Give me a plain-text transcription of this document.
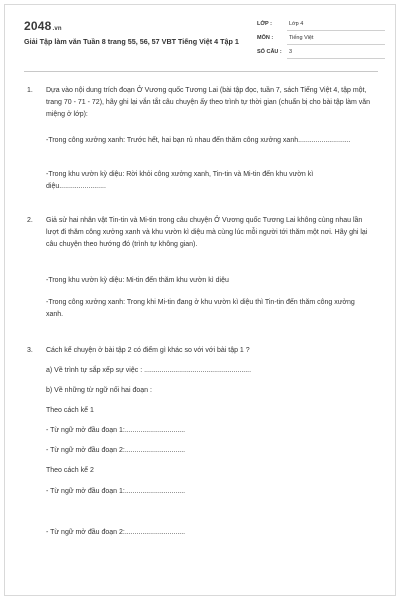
2048.vn
Giải Tập làm văn Tuần 8 trang 55, 56, 57 VBT Tiếng Việt 4 Tập 1
LỚP :	Lớp 4
MÔN :	Tiếng Việt
SỐ CÂU : 3
1. Dựa vào nội dung trích đoạn Ở Vương quốc Tương Lai (bài tập đọc, tuần 7, sách Tiếng Việt 4, tập một, trang 70 - 71 - 72), hãy ghi lại vắn tắt câu chuyện ấy theo trình tự thời gian (chuẩn bị cho bài tập làm văn miệng ở lớp):
-Trong công xưởng xanh: Trước hết, hai bạn rủ nhau đến thăm công xưởng xanh...........................
-Trong khu vườn kỳ diệu: Rời khỏi công xưởng xanh, Tin-tin và Mi-tin đến khu vườn kì diệu........................
2. Giả sử hai nhân vật Tin-tin và Mi-tin trong câu chuyện Ở Vương quốc Tương Lai không cùng nhau lần lượt đi thăm công xưởng xanh và khu vườn kì diệu mà cùng lúc mỗi người tới thăm một nơi. Hãy ghi lại câu chuyện theo hướng đó (trình tự không gian).
-Trong khu vườn kỳ diệu: Mi-tin đến thăm khu vườn kì diệu
-Trong công xưởng xanh: Trong khi Mi-tin đang ở khu vườn kì diệu thì Tin-tin đến thăm công xưởng xanh.
3. Cách kể chuyện ở bài tập 2 có điểm gì khác so với với bài tập 1 ?
a) Về trình tự sắp xếp sự việc : .......................................................
b) Về những từ ngữ nối hai đoạn :
Theo cách kể 1
- Từ ngữ mở đầu đoạn 1:...............................
- Từ ngữ mở đầu đoạn 2:...............................
Theo cách kể 2
- Từ ngữ mở đầu đoạn 1:...............................
- Từ ngữ mở đầu đoạn 2:...............................
